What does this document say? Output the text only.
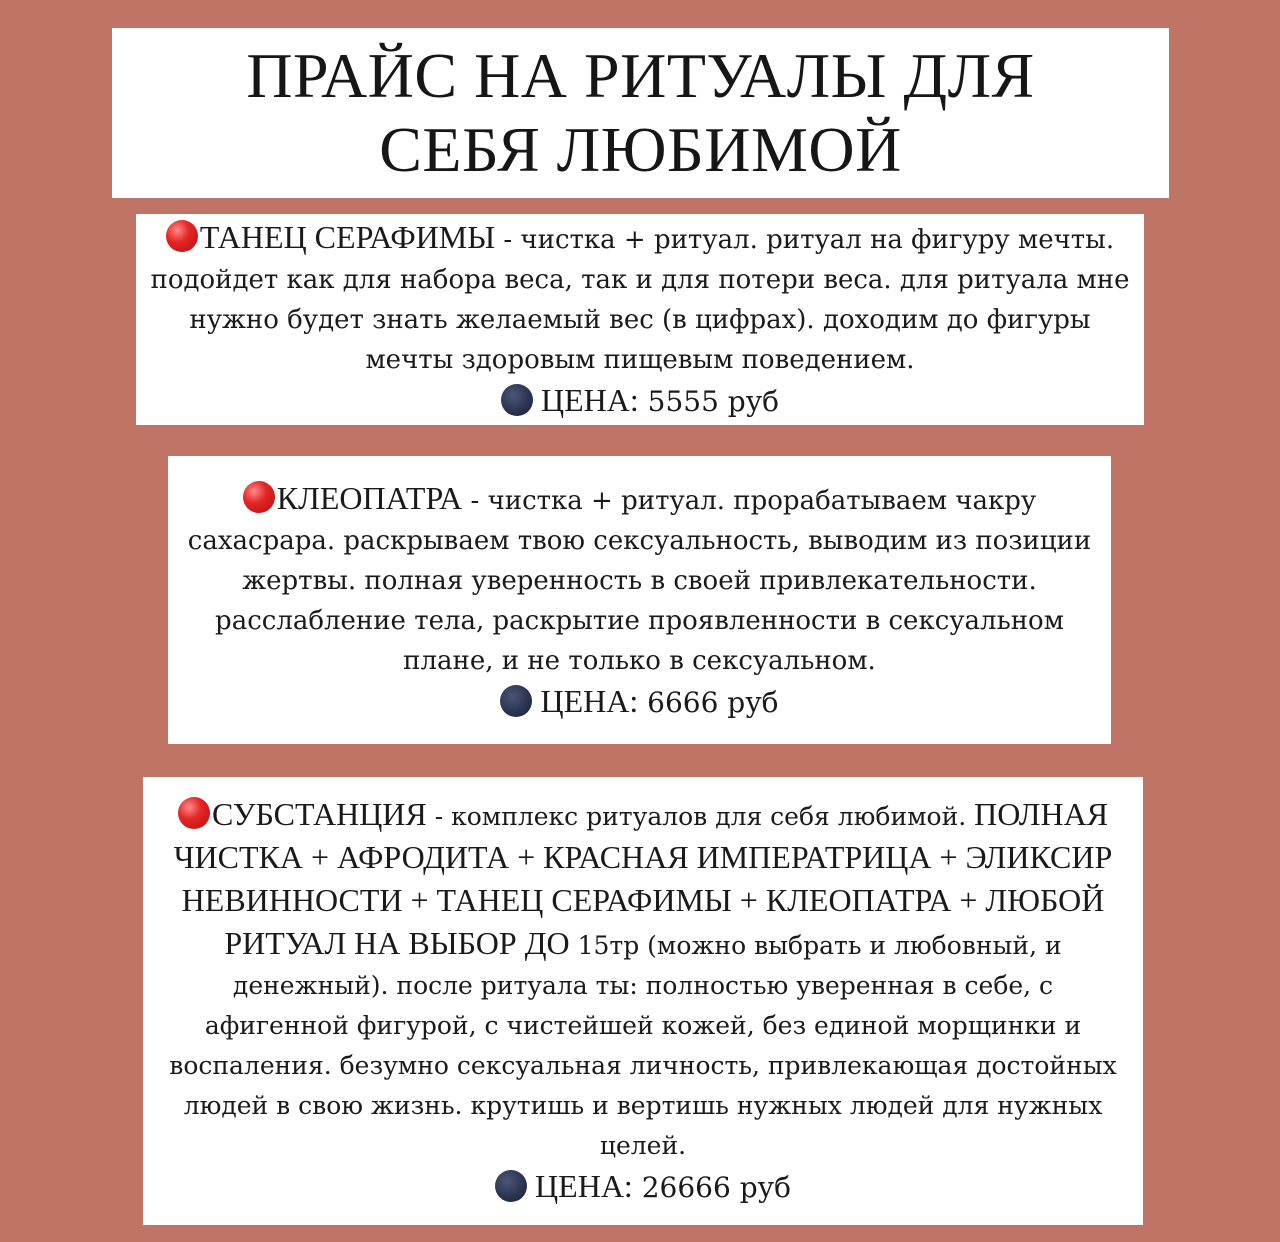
ПРАЙС НА РИТУАЛЫ ДЛЯ
СЕБЯ ЛЮБИМОЙ

ТАНЕЦ СЕРАФИМЫ - чистка + ритуал. ритуал на фигуру мечты. подойдет как для набора веса, так и для потери веса. для ритуала мне нужно будет знать желаемый вес (в цифрах). доходим до фигуры мечты здоровым пищевым поведением.

ЦЕНА: 5555 руб

КЛЕОПАТРА - чистка + ритуал. прорабатываем чакру сахасрара. раскрываем твою сексуальность, выводим из позиции жертвы. полная уверенность в своей привлекательности. расслабление тела, раскрытие проявленности в сексуальном плане, и не только в сексуальном.

ЦЕНА: 6666 руб

СУБСТАНЦИЯ - комплекс ритуалов для себя любимой. ПОЛНАЯ ЧИСТКА + АФРОДИТА + КРАСНАЯ ИМПЕРАТРИЦА + ЭЛИКСИР НЕВИННОСТИ + ТАНЕЦ СЕРАФИМЫ + КЛЕОПАТРА + ЛЮБОЙ РИТУАЛ НА ВЫБОР ДО 15тр (можно выбрать и любовный, и денежный). после ритуала ты: полностью уверенная в себе, с афигенной фигурой, с чистейшей кожей, без единой морщинки и воспаления. безумно сексуальная личность, привлекающая достойных людей в свою жизнь. крутишь и вертишь нужных людей для нужных целей.

ЦЕНА: 26666 руб
